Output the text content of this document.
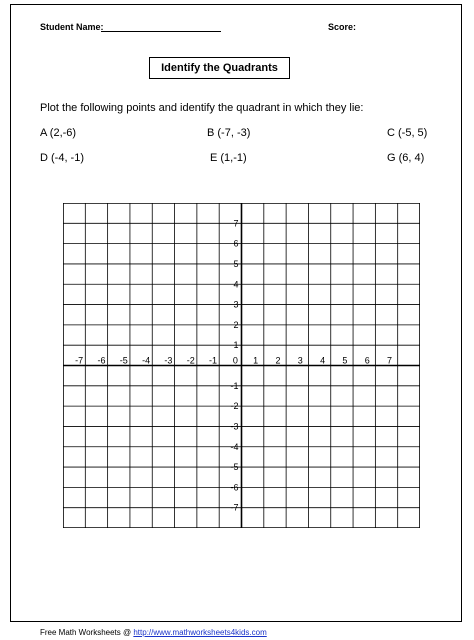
Student Name:	Score:
Identify the Quadrants
Plot the following points and identify the quadrant in which they lie:
A (2,-6)	B (-7, -3)	C (-5, 5)
D (-4, -1)	E (1,-1)	G (6, 4)
-7 -6 -5 -4 -3 -2 -1 0 1 2 3 4 5 6 7
7
6
5
4
3
2
1
-1
-2
-3
-4
-5
-6
-7
Free Math Worksheets @ http://www.mathworksheets4kids.com
